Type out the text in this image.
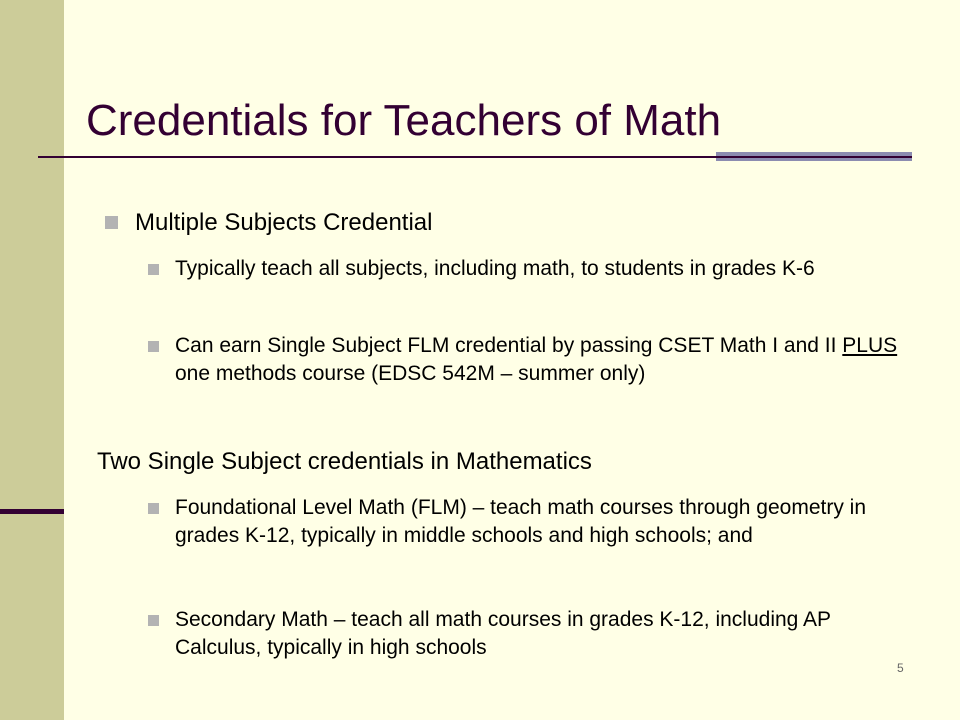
Credentials for Teachers of Math
Multiple Subjects Credential
Typically teach all subjects, including math, to students in grades K-6
Can earn Single Subject FLM credential by passing CSET Math I and II PLUS one methods course (EDSC 542M – summer only)
Two Single Subject credentials in Mathematics
Foundational Level Math (FLM) – teach math courses through geometry in grades K-12, typically in middle schools and high schools; and
Secondary Math – teach all math courses in grades K-12, including AP Calculus, typically in high schools
5
